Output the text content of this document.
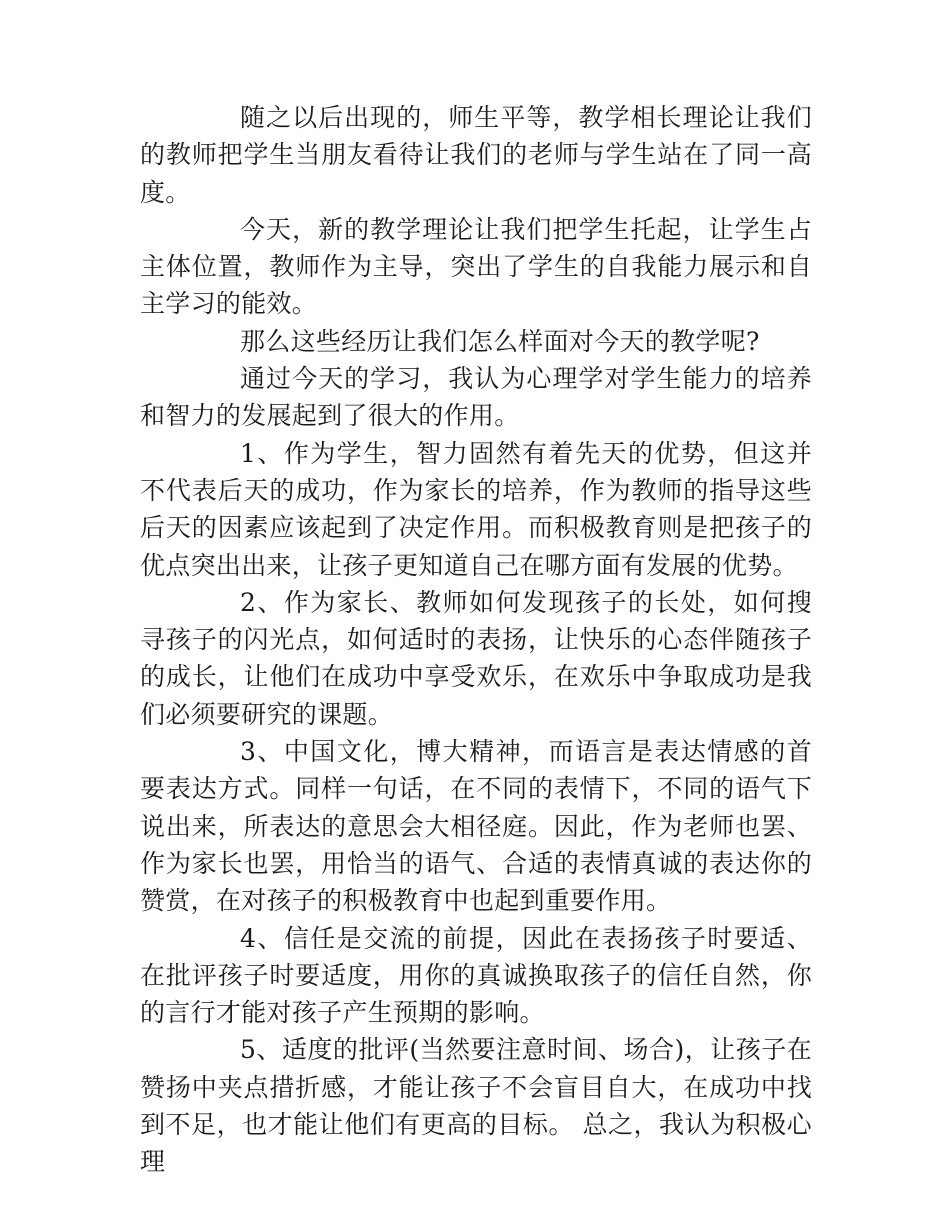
随之以后出现的，师生平等，教学相长理论让我们的教师把学生当朋友看待让我们的老师与学生站在了同一高度。

今天，新的教学理论让我们把学生托起，让学生占主体位置，教师作为主导，突出了学生的自我能力展示和自主学习的能效。

那么这些经历让我们怎么样面对今天的教学呢?

通过今天的学习，我认为心理学对学生能力的培养和智力的发展起到了很大的作用。

1、作为学生，智力固然有着先天的优势，但这并不代表后天的成功，作为家长的培养，作为教师的指导这些后天的因素应该起到了决定作用。而积极教育则是把孩子的优点突出出来，让孩子更知道自己在哪方面有发展的优势。

2、作为家长、教师如何发现孩子的长处，如何搜寻孩子的闪光点，如何适时的表扬，让快乐的心态伴随孩子的成长，让他们在成功中享受欢乐，在欢乐中争取成功是我们必须要研究的课题。

3、中国文化，博大精神，而语言是表达情感的首要表达方式。同样一句话，在不同的表情下，不同的语气下说出来，所表达的意思会大相径庭。因此，作为老师也罢、作为家长也罢，用恰当的语气、合适的表情真诚的表达你的赞赏，在对孩子的积极教育中也起到重要作用。

4、信任是交流的前提，因此在表扬孩子时要适、在批评孩子时要适度，用你的真诚换取孩子的信任自然，你的言行才能对孩子产生预期的影响。

5、适度的批评(当然要注意时间、场合)，让孩子在赞扬中夹点措折感，才能让孩子不会盲目自大，在成功中找到不足，也才能让他们有更高的目标。 总之，我认为积极心理
